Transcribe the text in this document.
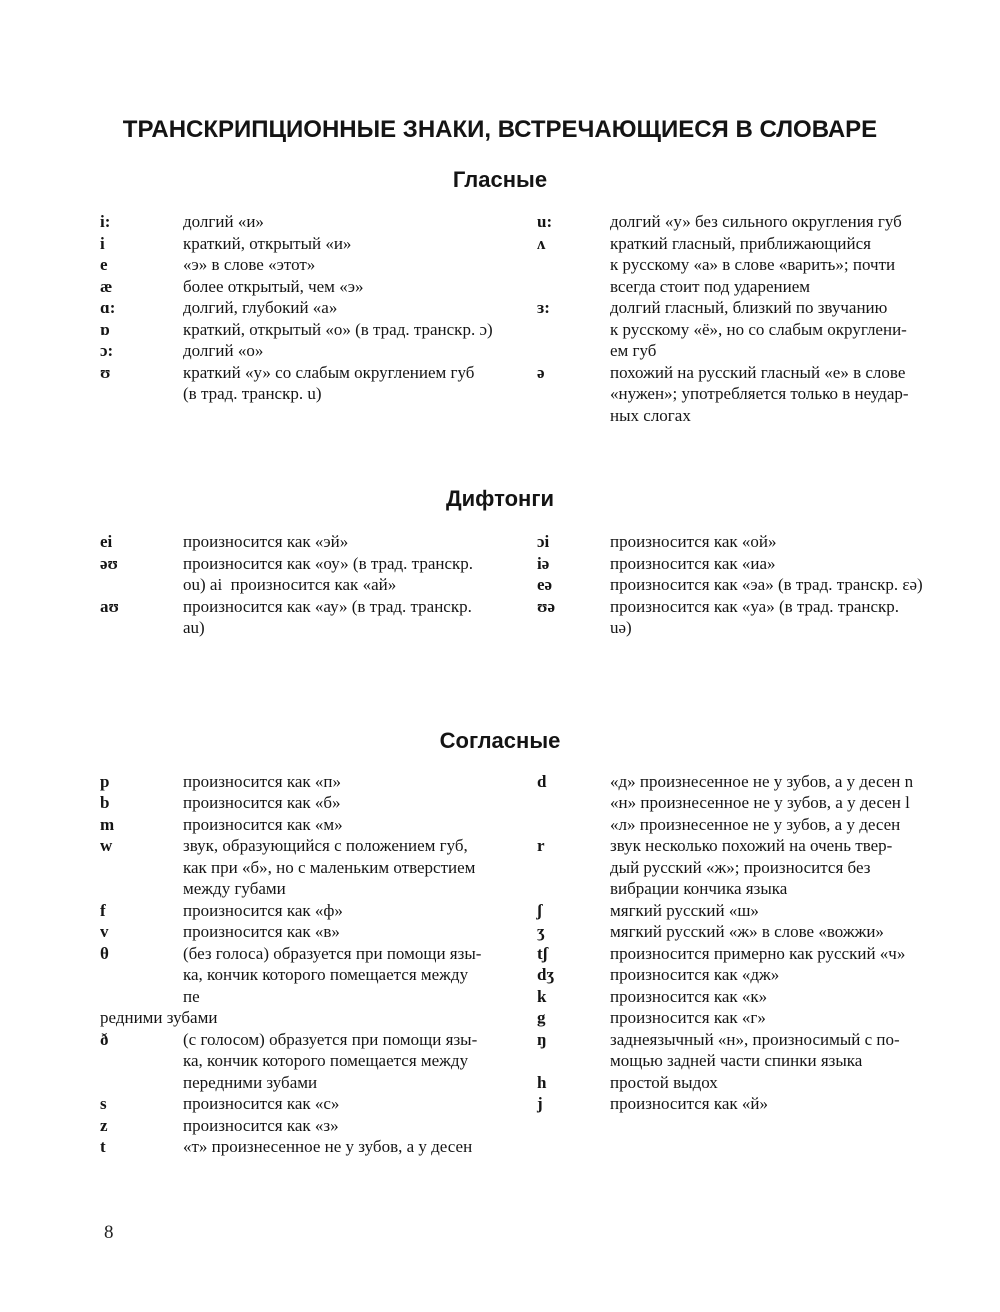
ТРАНСКРИПЦИОННЫЕ ЗНАКИ, ВСТРЕЧАЮЩИЕСЯ В СЛОВАРЕ
Гласные
i:	долгий «и»
i	краткий, открытый «и»
e	«э» в слове «этот»
æ	более открытый, чем «э»
ɑ:	долгий, глубокий «а»
ɒ	краткий, открытый «о» (в трад. транскр. ɔ)
ɔ:	долгий «о»
ʊ	краткий «у» со слабым округлением губ
(в трад. транскр. u)
u:	долгий «у» без сильного округления губ
ʌ	краткий гласный, приближающийся
к русскому «а» в слове «варить»; почти
всегда стоит под ударением
ɜ:	долгий гласный, близкий по звучанию
к русскому «ё», но со слабым округлени-
ем губ
ə	похожий на русский гласный «е» в слове
«нужен»; употребляется только в неудар-
ных слогах
Дифтонги
ei	произносится как «эй»
əʊ	произносится как «оу» (в трад. транскр.
ou) ai  произносится как «ай»
aʊ	произносится как «ау» (в трад. транскр.
au)
ɔi	произносится как «ой»
iə	произносится как «иа»
eə	произносится как «эа» (в трад. транскр. ɛə)
ʊə	произносится как «уа» (в трад. транскр.
uə)
Согласные
p	произносится как «п»
b	произносится как «б»
m	произносится как «м»
w	звук, образующийся с положением губ,
как при «б», но с маленьким отверстием
между губами
f	произносится как «ф»
v	произносится как «в»
θ	(без голоса) образуется при помощи язы-
ка, кончик которого помещается между
пе
редними зубами
ð	(с голосом) образуется при помощи язы-
ка, кончик которого помещается между
передними зубами
s	произносится как «с»
z	произносится как «з»
t	«т» произнесенное не у зубов, а у десен
d	«д» произнесенное не у зубов, а у десен n
«н» произнесенное не у зубов, а у десен l
«л» произнесенное не у зубов, а у десен
r	звук несколько похожий на очень твер-
дый русский «ж»; произносится без
вибрации кончика языка
ʃ	мягкий русский «ш»
ʒ	мягкий русский «ж» в слове «вожжи»
tʃ	произносится примерно как русский «ч»
dʒ	произносится как «дж»
k	произносится как «к»
g	произносится как «г»
ŋ	заднеязычный «н», произносимый с по-
мощью задней части спинки языка
h	простой выдох
j	произносится как «й»
8
